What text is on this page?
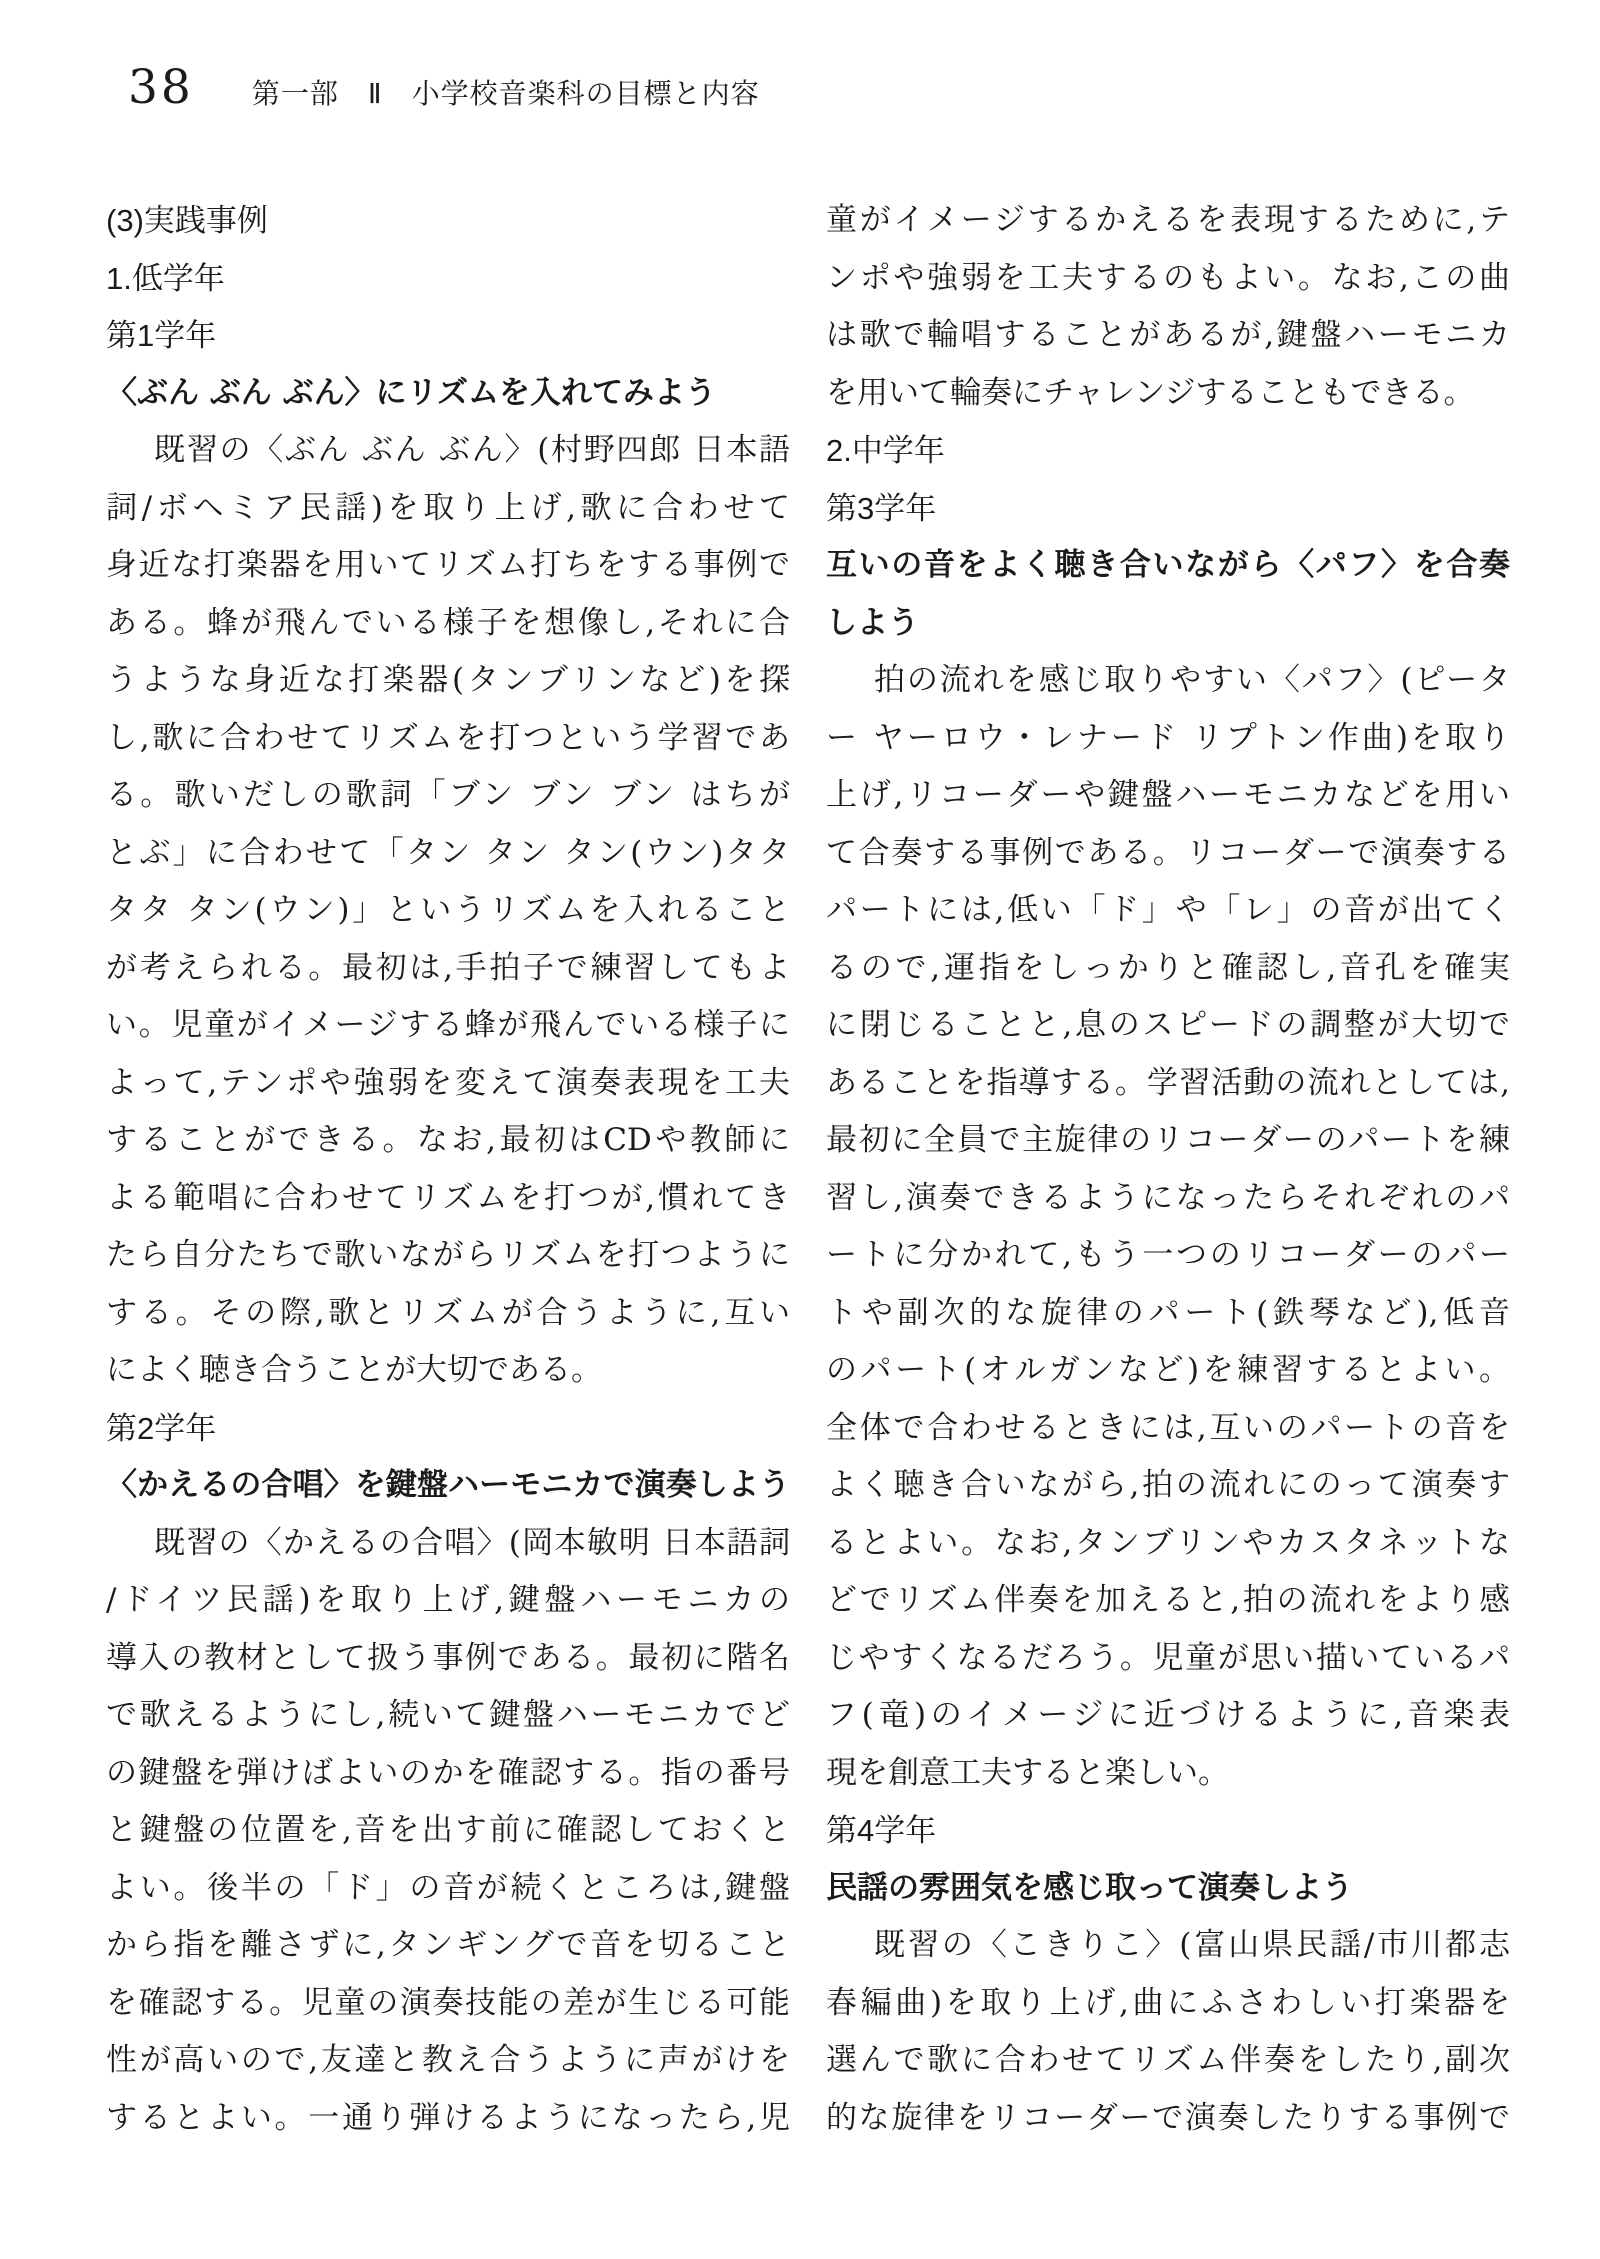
38 第一部　Ⅱ　小学校音楽科の目標と内容
(3)実践事例
1.低学年
第1学年
〈ぶん ぶん ぶん〉にリズムを入れてみよう
既習の〈ぶん ぶん ぶん〉(村野四郎 日本語
詞/ボヘミア民謡)を取り上げ,歌に合わせて
身近な打楽器を用いてリズム打ちをする事例で
ある。蜂が飛んでいる様子を想像し,それに合
うような身近な打楽器(タンブリンなど)を探
し,歌に合わせてリズムを打つという学習であ
る。歌いだしの歌詞「ブン ブン ブン はちが
とぶ」に合わせて「タン タン タン(ウン)タタ
タタ タン(ウン)」というリズムを入れること
が考えられる。最初は,手拍子で練習してもよ
い。児童がイメージする蜂が飛んでいる様子に
よって,テンポや強弱を変えて演奏表現を工夫
することができる。なお,最初はCDや教師に
よる範唱に合わせてリズムを打つが,慣れてき
たら自分たちで歌いながらリズムを打つように
する。その際,歌とリズムが合うように,互い
によく聴き合うことが大切である。
第2学年
〈かえるの合唱〉を鍵盤ハーモニカで演奏しよう
既習の〈かえるの合唱〉(岡本敏明 日本語詞
/ドイツ民謡)を取り上げ,鍵盤ハーモニカの
導入の教材として扱う事例である。最初に階名
で歌えるようにし,続いて鍵盤ハーモニカでど
の鍵盤を弾けばよいのかを確認する。指の番号
と鍵盤の位置を,音を出す前に確認しておくと
よい。後半の「ド」の音が続くところは,鍵盤
から指を離さずに,タンギングで音を切ること
を確認する。児童の演奏技能の差が生じる可能
性が高いので,友達と教え合うように声がけを
するとよい。一通り弾けるようになったら,児
童がイメージするかえるを表現するために,テ
ンポや強弱を工夫するのもよい。なお,この曲
は歌で輪唱することがあるが,鍵盤ハーモニカ
を用いて輪奏にチャレンジすることもできる。
2.中学年
第3学年
互いの音をよく聴き合いながら〈パフ〉を合奏
しよう
拍の流れを感じ取りやすい〈パフ〉(ピータ
ー ヤーロウ・レナード リプトン作曲)を取り
上げ,リコーダーや鍵盤ハーモニカなどを用い
て合奏する事例である。リコーダーで演奏する
パートには,低い「ド」や「レ」の音が出てく
るので,運指をしっかりと確認し,音孔を確実
に閉じることと,息のスピードの調整が大切で
あることを指導する。学習活動の流れとしては,
最初に全員で主旋律のリコーダーのパートを練
習し,演奏できるようになったらそれぞれのパ
ートに分かれて,もう一つのリコーダーのパー
トや副次的な旋律のパート(鉄琴など),低音
のパート(オルガンなど)を練習するとよい。
全体で合わせるときには,互いのパートの音を
よく聴き合いながら,拍の流れにのって演奏す
るとよい。なお,タンブリンやカスタネットな
どでリズム伴奏を加えると,拍の流れをより感
じやすくなるだろう。児童が思い描いているパ
フ(竜)のイメージに近づけるように,音楽表
現を創意工夫すると楽しい。
第4学年
民謡の雰囲気を感じ取って演奏しよう
既習の〈こきりこ〉(富山県民謡/市川都志
春編曲)を取り上げ,曲にふさわしい打楽器を
選んで歌に合わせてリズム伴奏をしたり,副次
的な旋律をリコーダーで演奏したりする事例で
